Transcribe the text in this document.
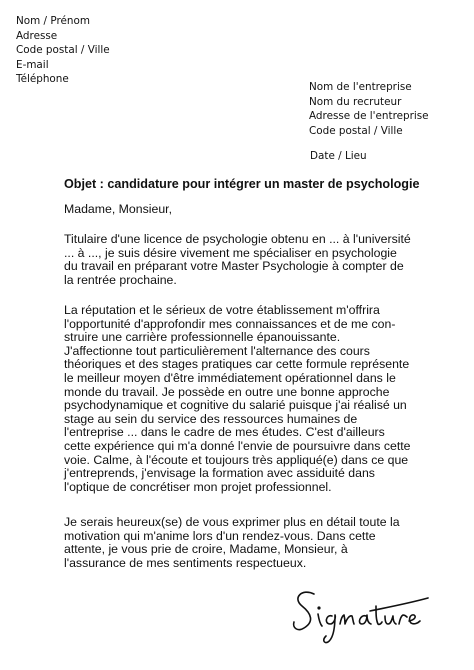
Nom / Prénom
Adresse
Code postal / Ville
E-mail
Téléphone
Nom de l'entreprise
Nom du recruteur
Adresse de l'entreprise
Code postal / Ville
Date / Lieu
Objet : candidature pour intégrer un master de psychologie
Madame, Monsieur,
Titulaire d'une licence de psychologie obtenu en ... à l'université
... à ..., je suis désire vivement me spécialiser en psychologie
du travail en préparant votre Master Psychologie à compter de
la rentrée prochaine.
La réputation et le sérieux de votre établissement m'offrira
l'opportunité d'approfondir mes connaissances et de me con-
struire une carrière professionnelle épanouissante.
J'affectionne tout particulièrement l'alternance des cours
théoriques et des stages pratiques car cette formule représente
le meilleur moyen d'être immédiatement opérationnel dans le
monde du travail. Je possède en outre une bonne approche
psychodynamique et cognitive du salarié puisque j'ai réalisé un
stage au sein du service des ressources humaines de
l'entreprise ... dans le cadre de mes études. C'est d'ailleurs
cette expérience qui m'a donné l'envie de poursuivre dans cette
voie. Calme, à l'écoute et toujours très appliqué(e) dans ce que
j'entreprends, j'envisage la formation avec assiduité dans
l'optique de concrétiser mon projet professionnel.
Je serais heureux(se) de vous exprimer plus en détail toute la
motivation qui m'anime lors d'un rendez-vous. Dans cette
attente, je vous prie de croire, Madame, Monsieur, à
l'assurance de mes sentiments respectueux.
